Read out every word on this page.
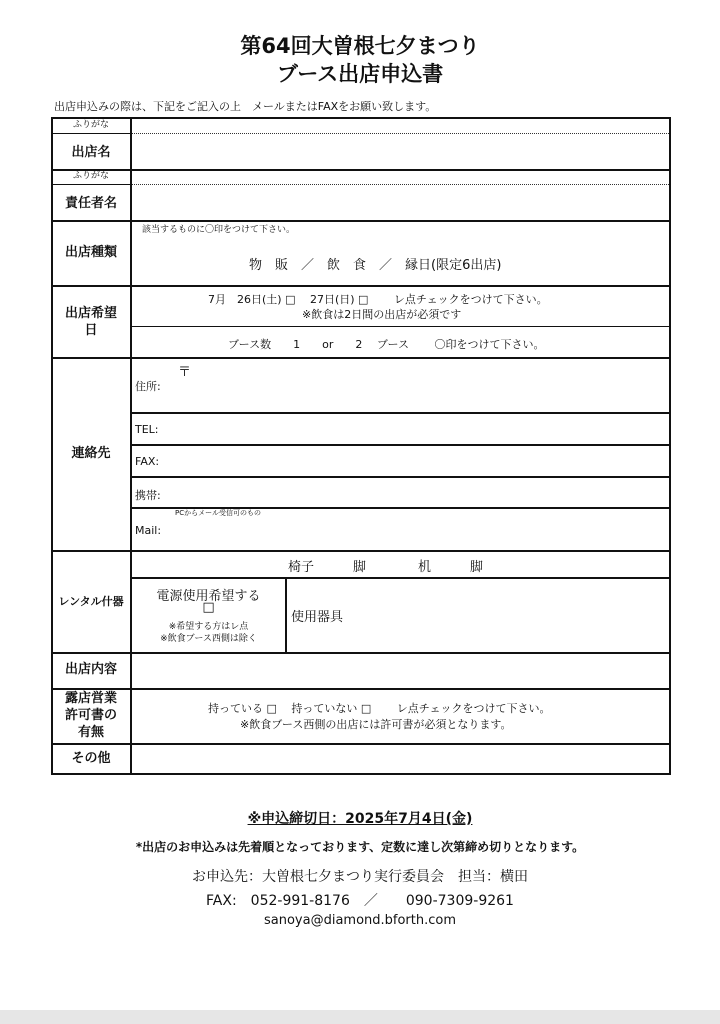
第64回大曽根七夕まつり
ブース出店申込書
出店申込みの際は、下記をご記入の上　メールまたはFAXをお願い致します。
ふりがな
出店名
ふりがな
責任者名
出店種類
出店希望
日
連絡先
レンタル什器
出店内容
露店営業
許可書の
有無
その他
該当するものに〇印をつけて下さい。
物　販　／　飲　食　／　縁日(限定6出店)
7月　26日(土) □　 27日(日) □　　 レ点チェックをつけて下さい。
※飲食は2日間の出店が必須です
ブース数　　1　　or　　2　 ブース　　 〇印をつけて下さい。
〒
住所:
TEL:
FAX:
携帯:
PCからメール受信可のもの
Mail:
椅子　　　脚　　　　机　　　脚
電源使用希望する
□
※希望する方はレ点
※飲食ブース西側は除く
使用器具
持っている □　 持っていない □　　 レ点チェックをつけて下さい。
※飲食ブース西側の出店には許可書が必須となります。
※申込締切日：2025年7月4日(金)
*出店のお申込みは先着順となっております、定数に達し次第締め切りとなります。
お申込先：大曽根七夕まつり実行委員会　担当：横田
FAX:　052-991-8176　／　　090-7309-9261
sanoya@diamond.bforth.com
